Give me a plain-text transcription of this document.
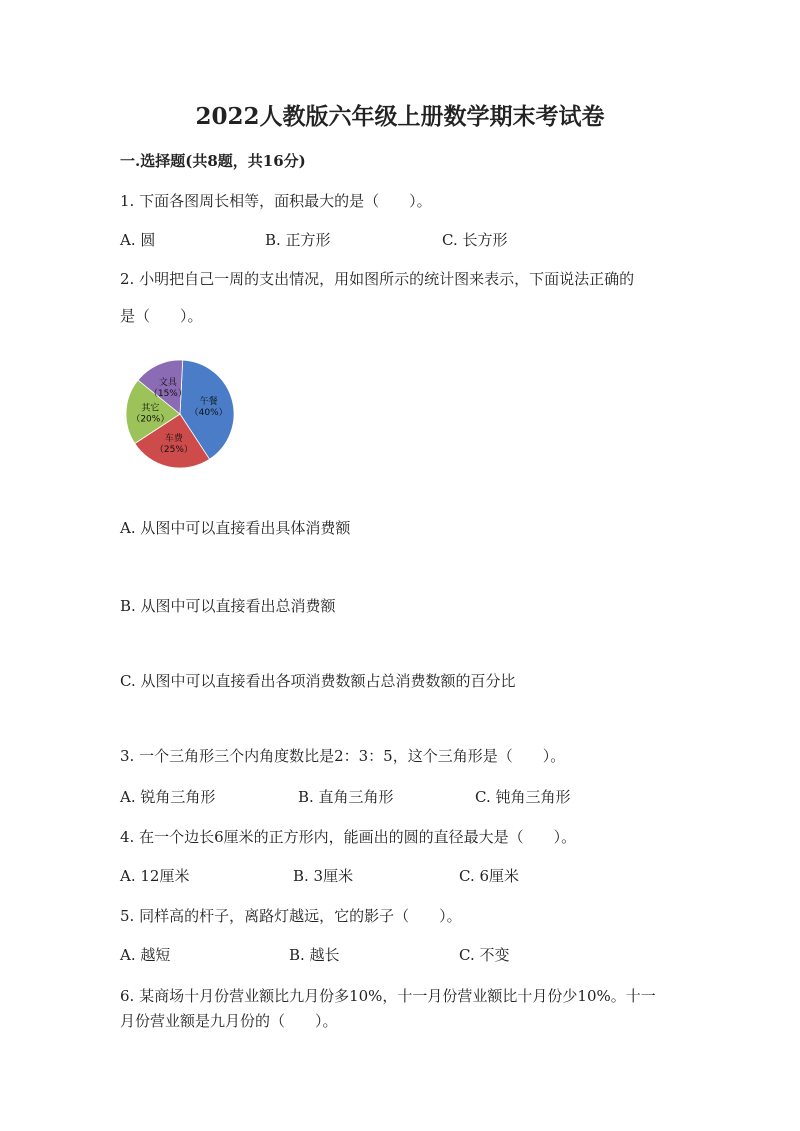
2022人教版六年级上册数学期末考试卷
一.选择题(共8题，共16分)
1. 下面各图周长相等，面积最大的是（　　）。
A. 圆	B. 正方形	C. 长方形
2. 小明把自己一周的支出情况，用如图所示的统计图来表示，下面说法正确的
是（　　）。
午餐
（40%）
车费
（25%）
其它
（20%）
文具
（15%）
A. 从图中可以直接看出具体消费额
B. 从图中可以直接看出总消费额
C. 从图中可以直接看出各项消费数额占总消费数额的百分比
3. 一个三角形三个内角度数比是2：3：5，这个三角形是（　　）。
A. 锐角三角形	B. 直角三角形	C. 钝角三角形
4. 在一个边长6厘米的正方形内，能画出的圆的直径最大是（　　）。
A. 12厘米	B. 3厘米	C. 6厘米
5. 同样高的杆子，离路灯越远，它的影子（　　）。
A. 越短	B. 越长	C. 不变
6. 某商场十月份营业额比九月份多10%，十一月份营业额比十月份少10%。十一
月份营业额是九月份的（　　）。
